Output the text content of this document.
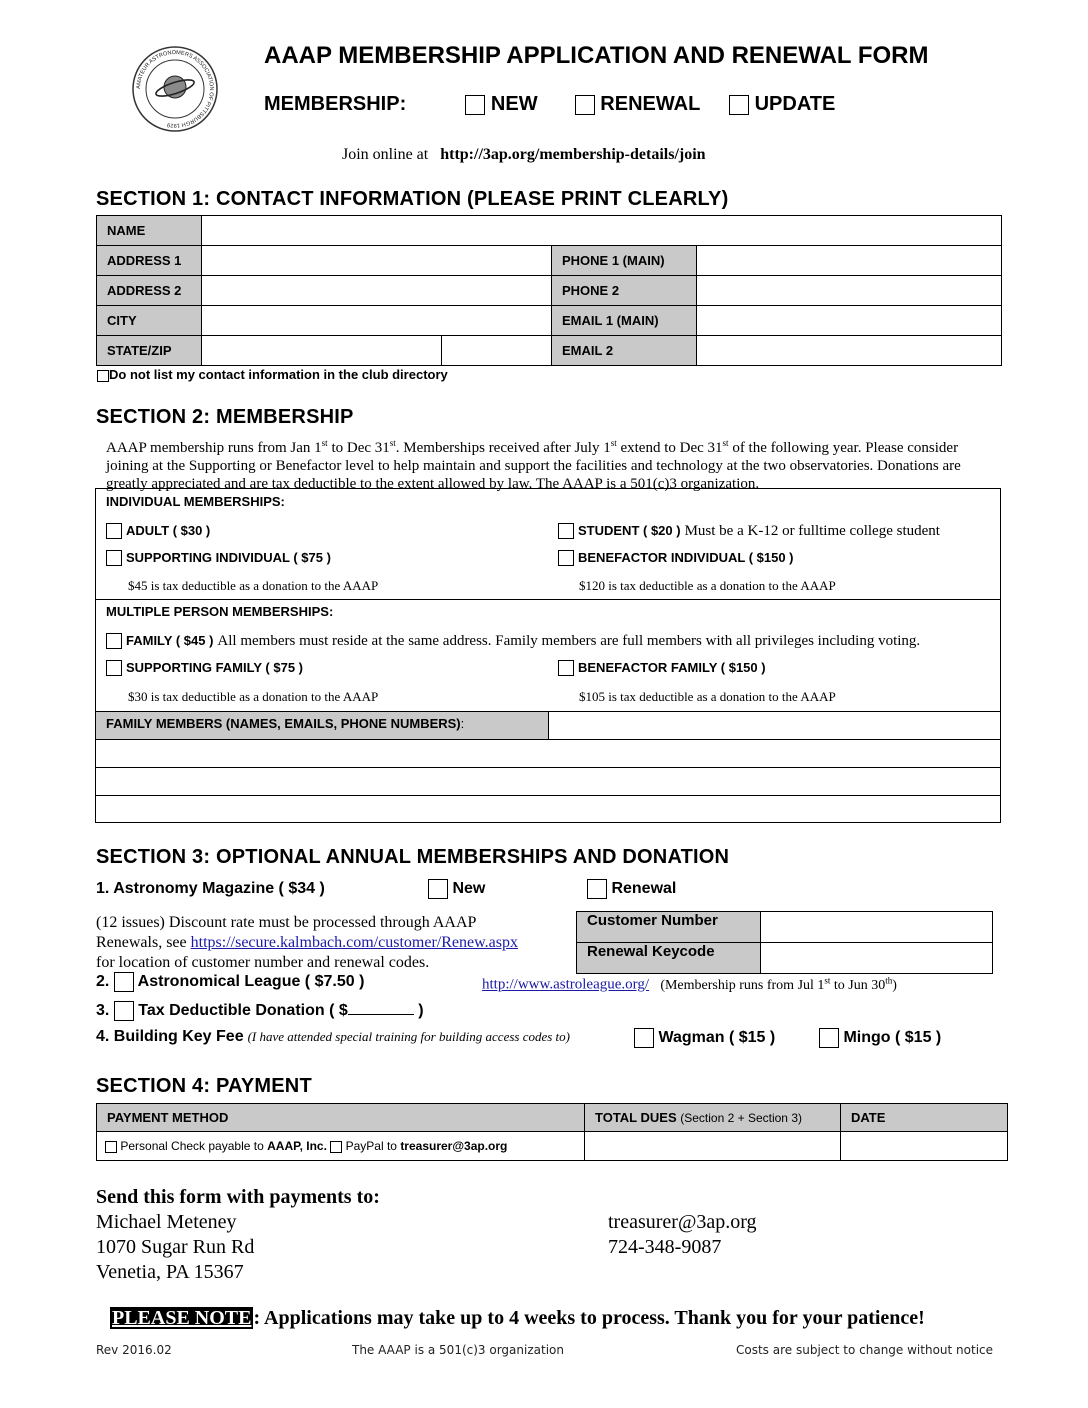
AMATEUR ASTRONOMERS ASSOCIATION OF PITTSBURGH 1929
AAAP MEMBERSHIP APPLICATION AND RENEWAL FORM
MEMBERSHIP:	NEW	RENEWAL	UPDATE
Join online at http://3ap.org/membership-details/join
SECTION 1: CONTACT INFORMATION (PLEASE PRINT CLEARLY)
NAME				
ADDRESS 1			PHONE 1 (MAIN)	
ADDRESS 2			PHONE 2	
CITY			EMAIL 1 (MAIN)	
STATE/ZIP			EMAIL 2	
Do not list my contact information in the club directory
SECTION 2: MEMBERSHIP
AAAP membership runs from Jan 1st to Dec 31st. Memberships received after July 1st extend to Dec 31st of the following year. Please consider joining at the Supporting or Benefactor level to help maintain and support the facilities and technology at the two observatories. Donations are greatly appreciated and are tax deductible to the extent allowed by law. The AAAP is a 501(c)3 organization.
INDIVIDUAL MEMBERSHIPS:
ADULT ( $30 )	STUDENT ( $20 ) Must be a K-12 or fulltime college student
SUPPORTING INDIVIDUAL ( $75 )	BENEFACTOR INDIVIDUAL ( $150 )
$45 is tax deductible as a donation to the AAAP	$120 is tax deductible as a donation to the AAAP
MULTIPLE PERSON MEMBERSHIPS:
FAMILY ( $45 ) All members must reside at the same address. Family members are full members with all privileges including voting.
SUPPORTING FAMILY ( $75 )	BENEFACTOR FAMILY ( $150 )
$30 is tax deductible as a donation to the AAAP	$105 is tax deductible as a donation to the AAAP
FAMILY MEMBERS (NAMES, EMAILS, PHONE NUMBERS):
SECTION 3: OPTIONAL ANNUAL MEMBERSHIPS AND DONATION
1. Astronomy Magazine ( $34 )	New	Renewal
(12 issues) Discount rate must be processed through AAAP
Renewals, see https://secure.kalmbach.com/customer/Renew.aspx
for location of customer number and renewal codes.
Customer Number	
Renewal Keycode	
2. Astronomical League ( $7.50 )	http://www.astroleague.org/ (Membership runs from Jul 1st to Jun 30th)
3. Tax Deductible Donation ( $	)
4. Building Key Fee (I have attended special training for building access codes to)	Wagman ( $15 )	Mingo ( $15 )
SECTION 4: PAYMENT
PAYMENT METHOD	TOTAL DUES (Section 2 + Section 3)	DATE
Personal Check payable to AAAP, Inc. PayPal to treasurer@3ap.org		
Send this form with payments to:
Michael Meteney
1070 Sugar Run Rd
Venetia, PA 15367
treasurer@3ap.org
724-348-9087
PLEASE NOTE : Applications may take up to 4 weeks to process. Thank you for your patience!
Rev 2016.02	The AAAP is a 501(c)3 organization	Costs are subject to change without notice
